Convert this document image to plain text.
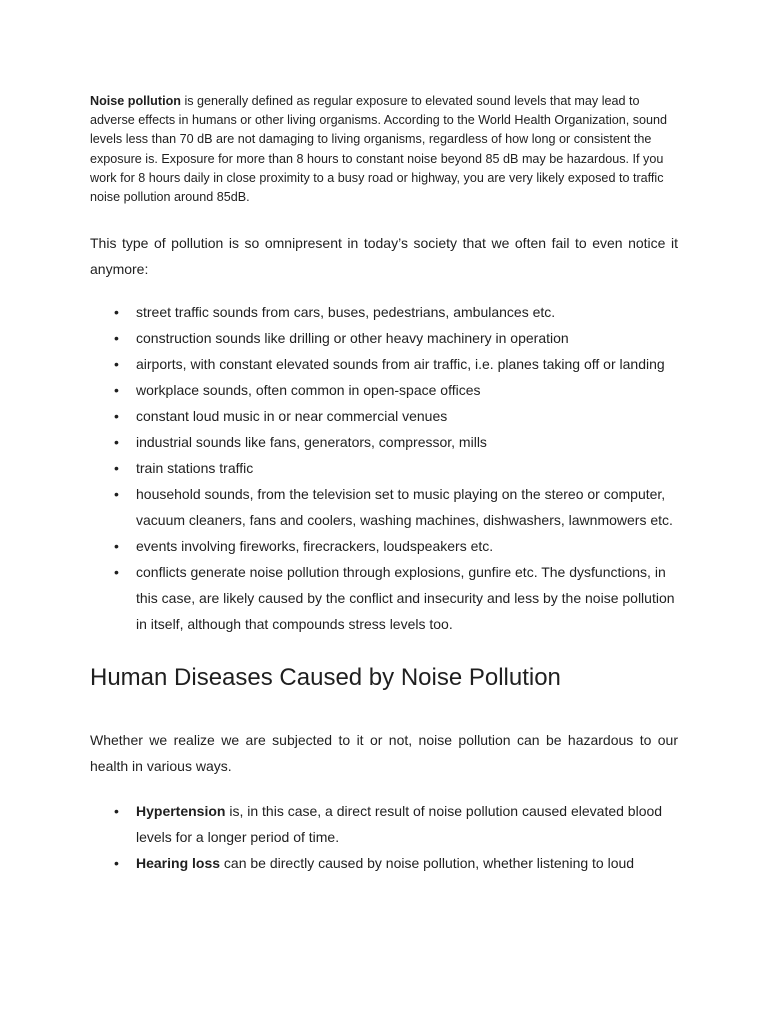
Noise pollution is generally defined as regular exposure to elevated sound levels that may lead to adverse effects in humans or other living organisms. According to the World Health Organization, sound levels less than 70 dB are not damaging to living organisms, regardless of how long or consistent the exposure is. Exposure for more than 8 hours to constant noise beyond 85 dB may be hazardous. If you work for 8 hours daily in close proximity to a busy road or highway, you are very likely exposed to traffic noise pollution around 85dB.

This type of pollution is so omnipresent in today’s society that we often fail to even notice it anymore:

• street traffic sounds from cars, buses, pedestrians, ambulances etc.
• construction sounds like drilling or other heavy machinery in operation
• airports, with constant elevated sounds from air traffic, i.e. planes taking off or landing
• workplace sounds, often common in open-space offices
• constant loud music in or near commercial venues
• industrial sounds like fans, generators, compressor, mills
• train stations traffic
• household sounds, from the television set to music playing on the stereo or computer, vacuum cleaners, fans and coolers, washing machines, dishwashers, lawnmowers etc.
• events involving fireworks, firecrackers, loudspeakers etc.
• conflicts generate noise pollution through explosions, gunfire etc. The dysfunctions, in this case, are likely caused by the conflict and insecurity and less by the noise pollution in itself, although that compounds stress levels too.
Human Diseases Caused by Noise Pollution

Whether we realize we are subjected to it or not, noise pollution can be hazardous to our health in various ways.

• Hypertension is, in this case, a direct result of noise pollution caused elevated blood levels for a longer period of time.
• Hearing loss can be directly caused by noise pollution, whether listening to loud
